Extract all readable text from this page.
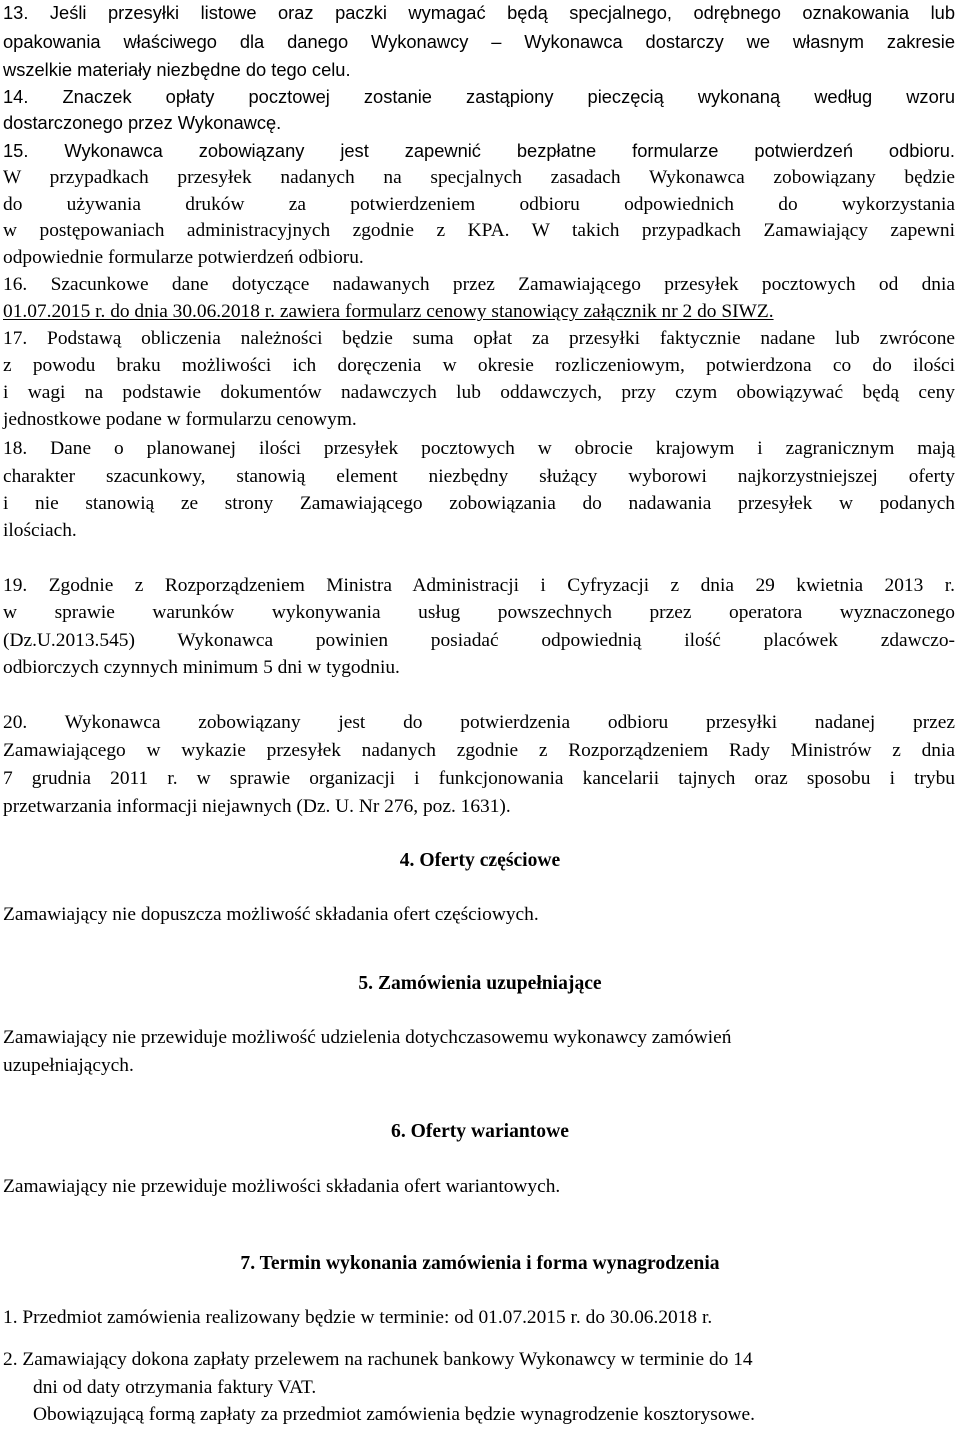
13. Jeśli przesyłki listowe oraz paczki wymagać będą specjalnego, odrębnego oznakowania lub
opakowania właściwego dla danego Wykonawcy – Wykonawca dostarczy we własnym zakresie
wszelkie materiały niezbędne do tego celu.
14. Znaczek opłaty pocztowej zostanie zastąpiony pieczęcią wykonaną według wzoru
dostarczonego przez Wykonawcę.
15. Wykonawca zobowiązany jest zapewnić bezpłatne formularze potwierdzeń odbioru.
W przypadkach przesyłek nadanych na specjalnych zasadach Wykonawca zobowiązany będzie
do używania druków za potwierdzeniem odbioru odpowiednich do wykorzystania
w postępowaniach administracyjnych zgodnie z KPA. W takich przypadkach Zamawiający zapewni
odpowiednie formularze potwierdzeń odbioru.
16. Szacunkowe dane dotyczące nadawanych przez Zamawiającego przesyłek pocztowych od dnia
01.07.2015 r. do dnia 30.06.2018 r. zawiera formularz cenowy stanowiący załącznik nr 2 do SIWZ.
17. Podstawą obliczenia należności będzie suma opłat za przesyłki faktycznie nadane lub zwrócone
z powodu braku możliwości ich doręczenia w okresie rozliczeniowym, potwierdzona co do ilości
i wagi na podstawie dokumentów nadawczych lub oddawczych, przy czym obowiązywać będą ceny
jednostkowe podane w formularzu cenowym.
18. Dane o planowanej ilości przesyłek pocztowych w obrocie krajowym i zagranicznym mają
charakter szacunkowy, stanowią element niezbędny służący wyborowi najkorzystniejszej oferty
i nie stanowią ze strony Zamawiającego zobowiązania do nadawania przesyłek w podanych
ilościach.
19. Zgodnie z Rozporządzeniem Ministra Administracji i Cyfryzacji z dnia 29 kwietnia 2013 r.
w sprawie warunków wykonywania usług powszechnych przez operatora wyznaczonego
(Dz.U.2013.545) Wykonawca powinien posiadać odpowiednią ilość placówek zdawczo-
odbiorczych czynnych minimum 5 dni w tygodniu.
20. Wykonawca zobowiązany jest do potwierdzenia odbioru przesyłki nadanej przez
Zamawiającego w wykazie przesyłek nadanych zgodnie z Rozporządzeniem Rady Ministrów z dnia
7 grudnia 2011 r. w sprawie organizacji i funkcjonowania kancelarii tajnych oraz sposobu i trybu
przetwarzania informacji niejawnych (Dz. U. Nr 276, poz. 1631).
4. Oferty częściowe
Zamawiający nie dopuszcza możliwość składania ofert częściowych.
5. Zamówienia uzupełniające
Zamawiający nie przewiduje możliwość udzielenia dotychczasowemu wykonawcy zamówień
uzupełniających.
6. Oferty wariantowe
Zamawiający nie przewiduje możliwości składania ofert wariantowych.
7. Termin wykonania zamówienia i forma wynagrodzenia
1. Przedmiot zamówienia realizowany będzie w terminie: od 01.07.2015 r. do 30.06.2018 r.
2. Zamawiający dokona zapłaty przelewem na rachunek bankowy Wykonawcy w terminie do 14
dni od daty otrzymania faktury VAT.
Obowiązującą formą zapłaty za przedmiot zamówienia będzie wynagrodzenie kosztorysowe.
